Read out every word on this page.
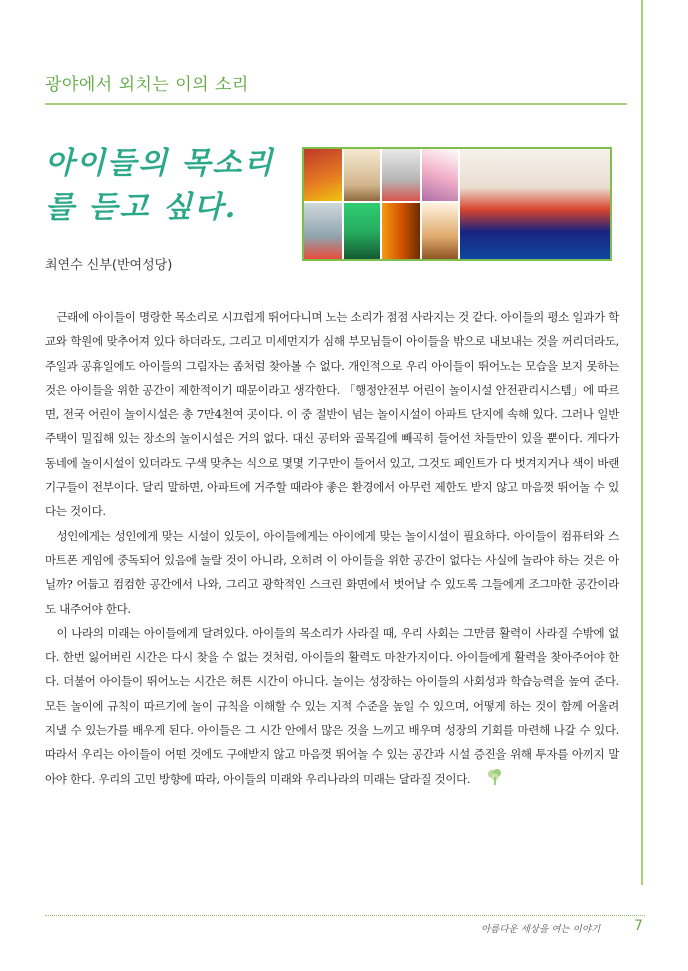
광야에서 외치는 이의 소리
아이들의 목소리를 듣고 싶다.
최연수 신부(반여성당)

근래에 아이들이 명랑한 목소리로 시끄럽게 뛰어다니며 노는 소리가 점점 사라지는 것 같다. 아이들의 평소 일과가 학교와 학원에 맞추어져 있다 하더라도, 그리고 미세먼지가 심해 부모님들이 아이들을 밖으로 내보내는 것을 꺼리더라도, 주일과 공휴일에도 아이들의 그림자는 좀처럼 찾아볼 수 없다. 개인적으로 우리 아이들이 뛰어노는 모습을 보지 못하는 것은 아이들을 위한 공간이 제한적이기 때문이라고 생각한다. 「행정안전부 어린이 놀이시설 안전관리시스템」에 따르면, 전국 어린이 놀이시설은 총 7만4천여 곳이다. 이 중 절반이 넘는 놀이시설이 아파트 단지에 속해 있다. 그러나 일반 주택이 밀집해 있는 장소의 놀이시설은 거의 없다. 대신 공터와 골목길에 빼곡히 들어선 차들만이 있을 뿐이다. 게다가 동네에 놀이시설이 있더라도 구색 맞추는 식으로 몇몇 기구만이 들어서 있고, 그것도 페인트가 다 벗겨지거나 색이 바랜 기구들이 전부이다. 달리 말하면, 아파트에 거주할 때라야 좋은 환경에서 아무런 제한도 받지 않고 마음껏 뛰어놀 수 있다는 것이다.

성인에게는 성인에게 맞는 시설이 있듯이, 아이들에게는 아이에게 맞는 놀이시설이 필요하다. 아이들이 컴퓨터와 스마트폰 게임에 중독되어 있음에 놀랄 것이 아니라, 오히려 이 아이들을 위한 공간이 없다는 사실에 놀라야 하는 것은 아닐까? 어둡고 컴컴한 공간에서 나와, 그리고 광학적인 스크린 화면에서 벗어날 수 있도록 그들에게 조그마한 공간이라도 내주어야 한다.

이 나라의 미래는 아이들에게 달려있다. 아이들의 목소리가 사라질 때, 우리 사회는 그만큼 활력이 사라질 수밖에 없다. 한번 잃어버린 시간은 다시 찾을 수 없는 것처럼, 아이들의 활력도 마찬가지이다. 아이들에게 활력을 찾아주어야 한다. 더불어 아이들이 뛰어노는 시간은 허튼 시간이 아니다. 놀이는 성장하는 아이들의 사회성과 학습능력을 높여 준다. 모든 놀이에 규칙이 따르기에 놀이 규칙을 이해할 수 있는 지적 수준을 높일 수 있으며, 어떻게 하는 것이 함께 어울려 지낼 수 있는가를 배우게 된다. 아이들은 그 시간 안에서 많은 것을 느끼고 배우며 성장의 기회를 마련해 나갈 수 있다. 따라서 우리는 아이들이 어떤 것에도 구애받지 않고 마음껏 뛰어놀 수 있는 공간과 시설 증진을 위해 투자를 아끼지 말아야 한다. 우리의 고민 방향에 따라, 아이들의 미래와 우리나라의 미래는 달라질 것이다.

아름다운 세상을 여는 이야기 7
